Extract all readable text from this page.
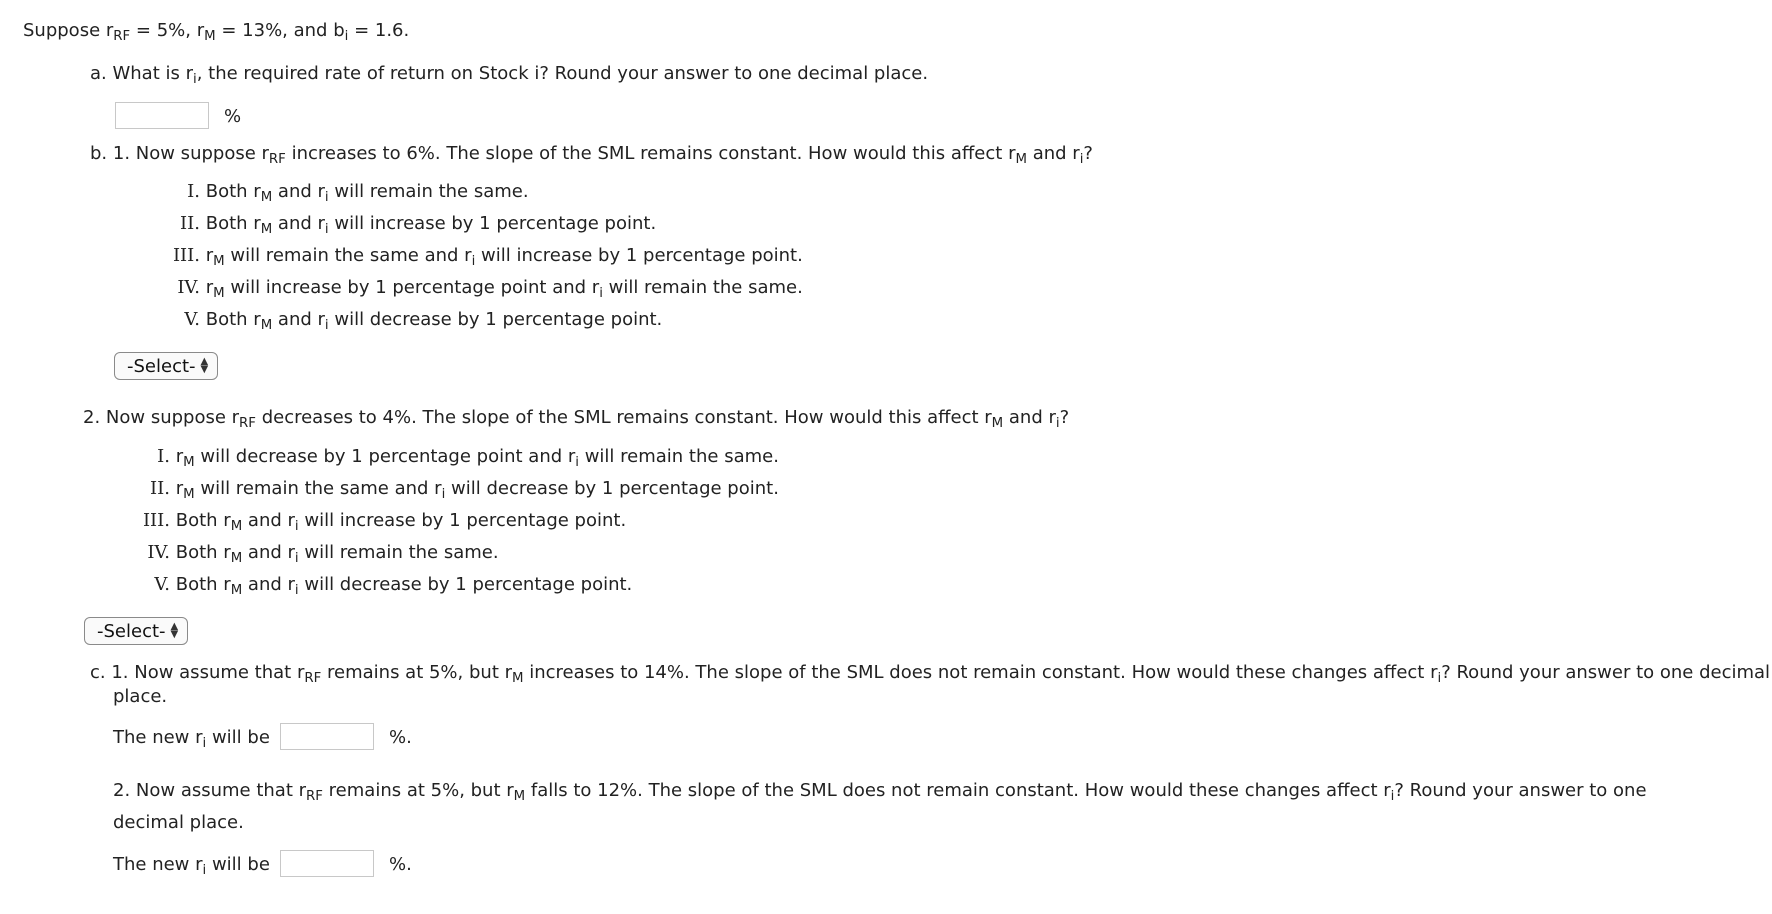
Suppose $r_{RF} = 5\%$, $r_M = 13\%$, and $b_i = 1.6$.
a. What is $r_i$, the required rate of return on Stock i? Round your answer to one decimal place.
%
b. 1. Now suppose $r_{RF}$ increases to 6%. The slope of the SML remains constant. How would this affect $r_M$ and $r_i$?
I. Both $r_M$ and $r_i$ will remain the same.
II. Both $r_M$ and $r_i$ will increase by 1 percentage point.
III. $r_M$ will remain the same and $r_i$ will increase by 1 percentage point.
IV. $r_M$ will increase by 1 percentage point and $r_i$ will remain the same.
V. Both $r_M$ and $r_i$ will decrease by 1 percentage point.
-Select- ▲
▼
2. Now suppose $r_{RF}$ decreases to 4%. The slope of the SML remains constant. How would this affect $r_M$ and $r_i$?
I. $r_M$ will decrease by 1 percentage point and $r_i$ will remain the same.
II. $r_M$ will remain the same and $r_i$ will decrease by 1 percentage point.
III. Both $r_M$ and $r_i$ will increase by 1 percentage point.
IV. Both $r_M$ and $r_i$ will remain the same.
V. Both $r_M$ and $r_i$ will decrease by 1 percentage point.
-Select- ▲
▼
c. 1. Now assume that $r_{RF}$ remains at 5%, but $r_M$ increases to 14%. The slope of the SML does not remain constant. How would these changes affect $r_i$? Round your answer to one decimal place.
The new $r_i$ will be	%.
2. Now assume that $r_{RF}$ remains at 5%, but $r_M$ falls to 12%. The slope of the SML does not remain constant. How would these changes affect $r_i$? Round your answer to one decimal place.
The new $r_i$ will be	%.
